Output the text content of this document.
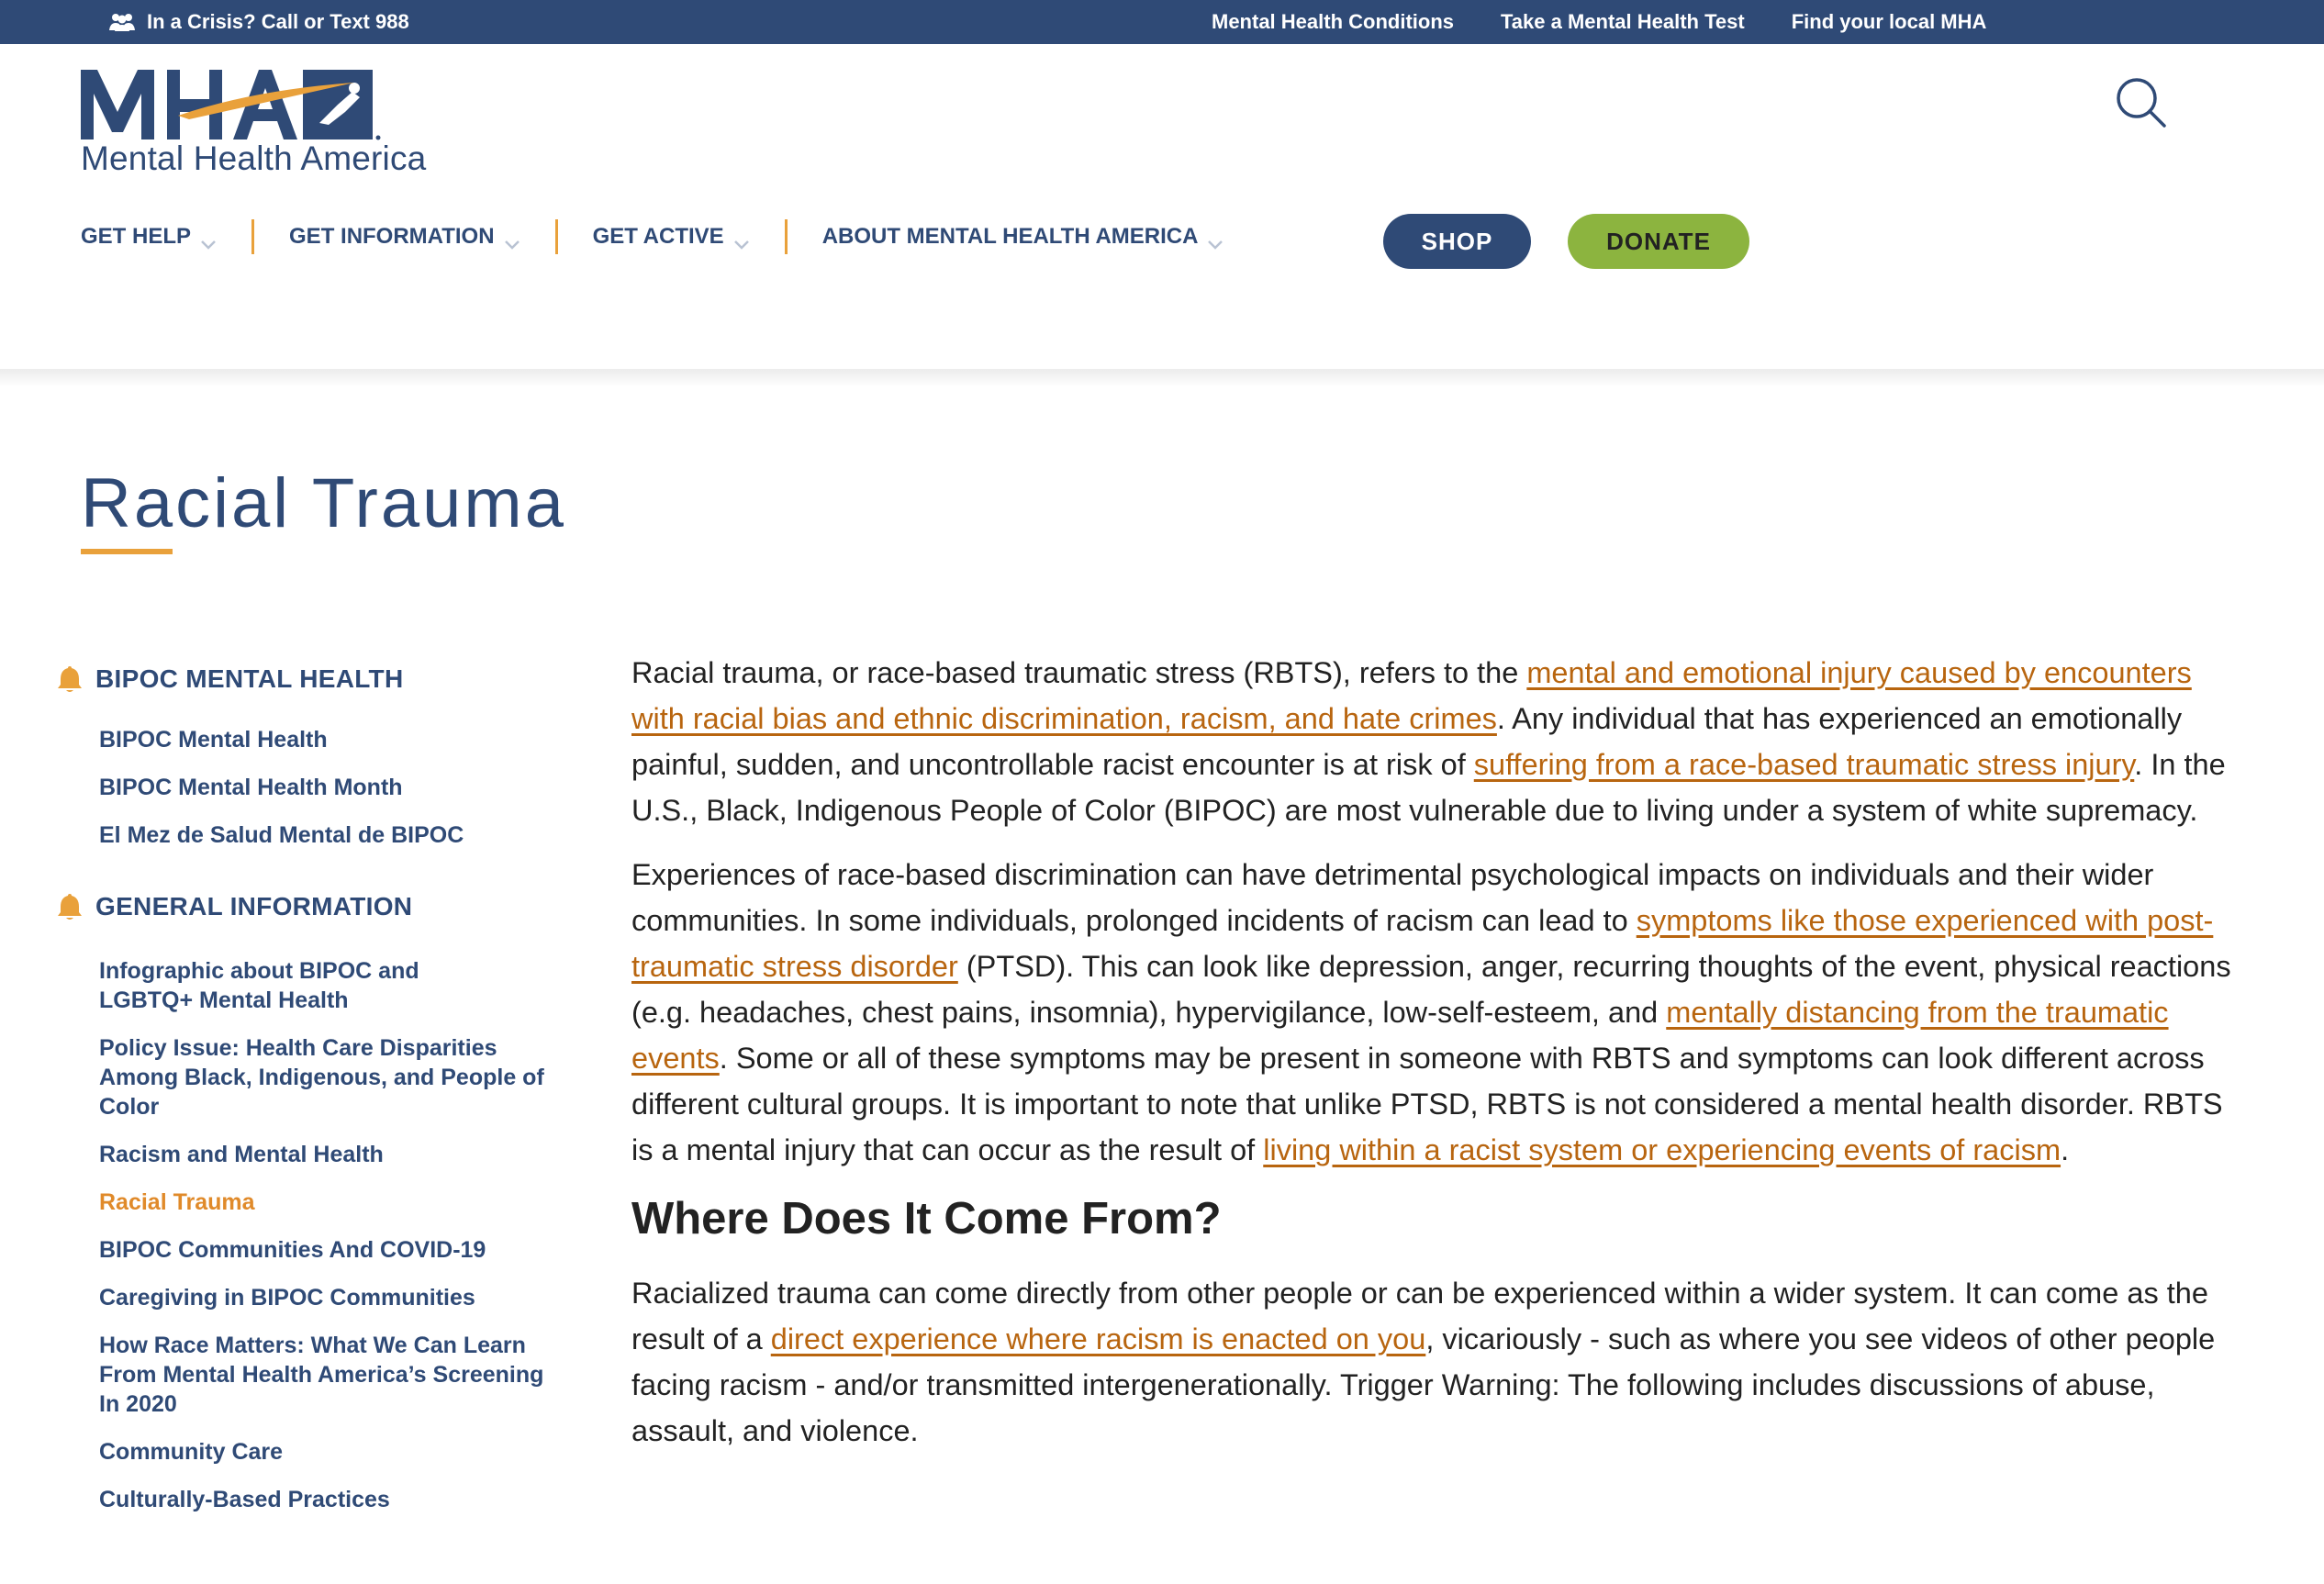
In a Crisis? Call or Text 988	Mental Health Conditions Take a Mental Health Test Find your local MHA
Mental Health America
GET HELP	GET INFORMATION	GET ACTIVE	ABOUT MENTAL HEALTH AMERICA	SHOP	DONATE
Racial Trauma
BIPOC MENTAL HEALTH
BIPOC Mental Health
BIPOC Mental Health Month
El Mez de Salud Mental de BIPOC
GENERAL INFORMATION
Infographic about BIPOC and LGBTQ+ Mental Health
Policy Issue: Health Care Disparities Among Black, Indigenous, and People of Color
Racism and Mental Health
Racial Trauma
BIPOC Communities And COVID-19
Caregiving in BIPOC Communities
How Race Matters: What We Can Learn From Mental Health America’s Screening In 2020
Community Care
Culturally-Based Practices

Racial trauma, or race-based traumatic stress (RBTS), refers to the mental and emotional injury caused by encounters with racial bias and ethnic discrimination, racism, and hate crimes. Any individual that has experienced an emotionally painful, sudden, and uncontrollable racist encounter is at risk of suffering from a race-based traumatic stress injury. In the U.S., Black, Indigenous People of Color (BIPOC) are most vulnerable due to living under a system of white supremacy.

Experiences of race-based discrimination can have detrimental psychological impacts on individuals and their wider communities. In some individuals, prolonged incidents of racism can lead to symptoms like those experienced with post-traumatic stress disorder (PTSD). This can look like depression, anger, recurring thoughts of the event, physical reactions (e.g. headaches, chest pains, insomnia), hypervigilance, low-self-esteem, and mentally distancing from the traumatic events. Some or all of these symptoms may be present in someone with RBTS and symptoms can look different across different cultural groups. It is important to note that unlike PTSD, RBTS is not considered a mental health disorder. RBTS is a mental injury that can occur as the result of living within a racist system or experiencing events of racism.

Where Does It Come From?

Racialized trauma can come directly from other people or can be experienced within a wider system. It can come as the result of a direct experience where racism is enacted on you, vicariously - such as where you see videos of other people facing racism - and/or transmitted intergenerationally. Trigger Warning: The following includes discussions of abuse, assault, and violence.
